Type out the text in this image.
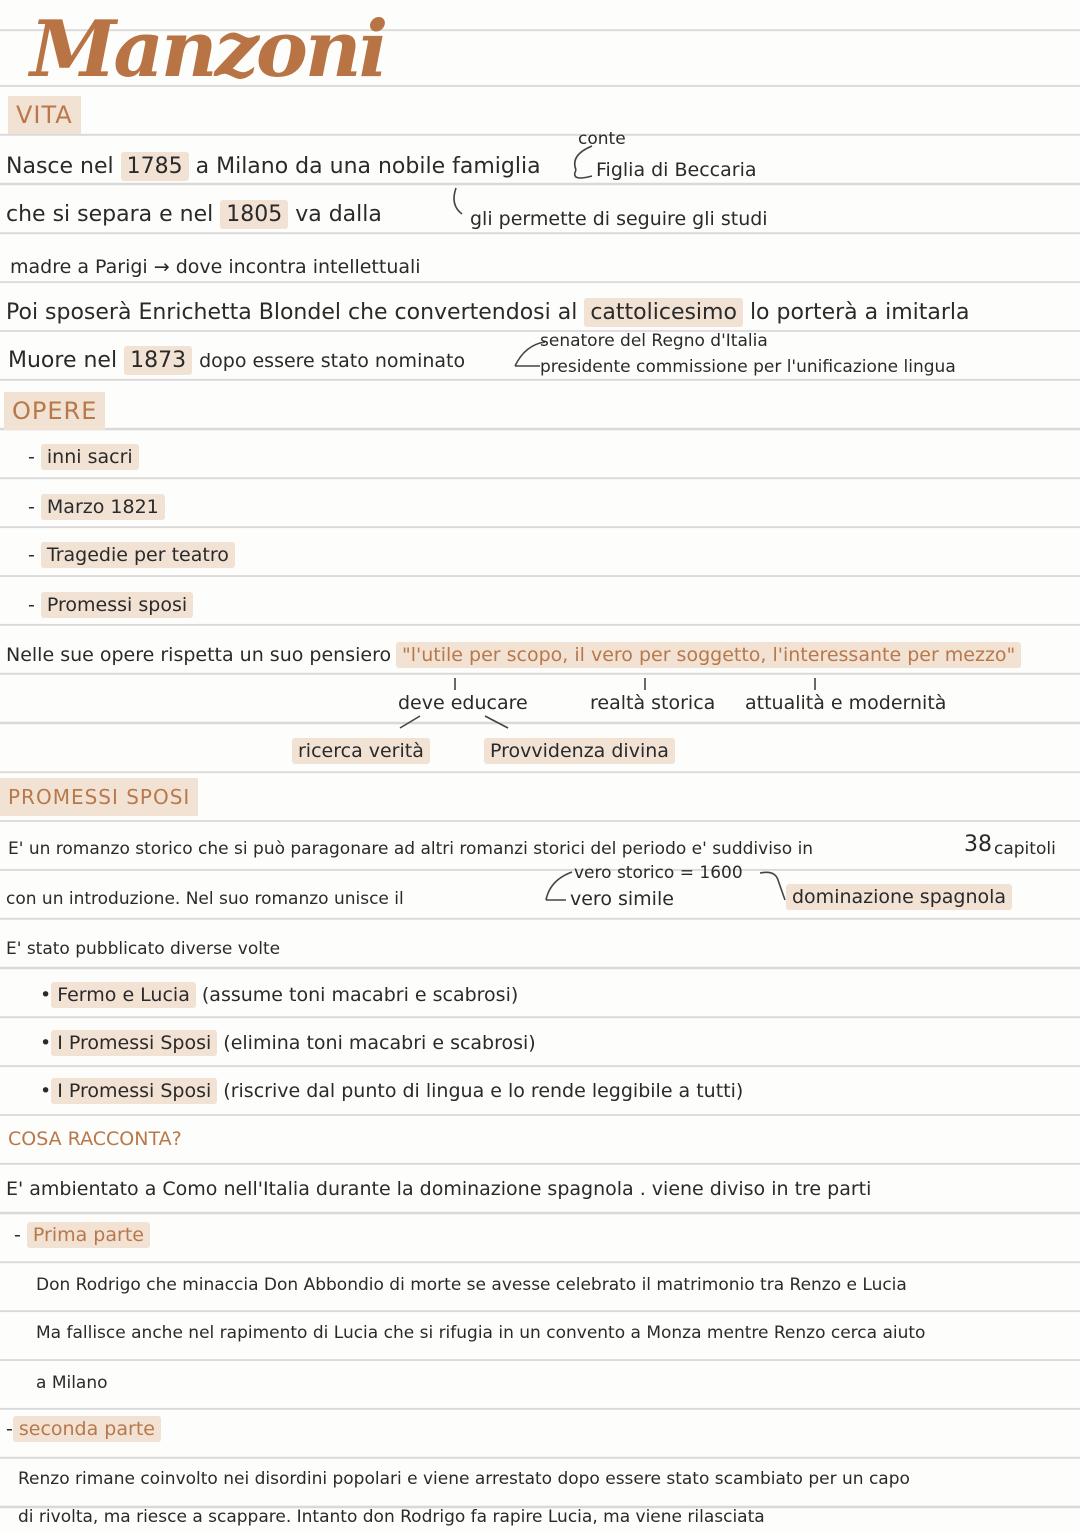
Manzoni
VITA
conte
Nasce nel 1785 a Milano da una nobile famiglia	Figlia di Beccaria
che si separa e nel 1805 va dalla	gli permette di seguire gli studi
madre a Parigi → dove incontra intellettuali
Poi sposerà Enrichetta Blondel che convertendosi al cattolicesimo lo porterà a imitarla
senatore del Regno d'Italia
Muore nel 1873 dopo essere stato nominato	presidente commissione per l'unificazione lingua
OPERE
- inni sacri
- Marzo 1821
- Tragedie per teatro
- Promessi sposi
Nelle sue opere rispetta un suo pensiero "l'utile per scopo, il vero per soggetto, l'interessante per mezzo"
deve educare	realtà storica attualità e modernità
ricerca verità	Provvidenza divina
PROMESSI SPOSI
E' un romanzo storico che si può paragonare ad altri romanzi storici del periodo e' suddiviso in	38 capitoli
vero storico = 1600
con un introduzione. Nel suo romanzo unisce il	vero simile	dominazione spagnola
E' stato pubblicato diverse volte
• Fermo e Lucia (assume toni macabri e scabrosi)
• I Promessi Sposi (elimina toni macabri e scabrosi)
• I Promessi Sposi (riscrive dal punto di lingua e lo rende leggibile a tutti)
COSA RACCONTA?
E' ambientato a Como nell'Italia durante la dominazione spagnola . viene diviso in tre parti
- Prima parte
Don Rodrigo che minaccia Don Abbondio di morte se avesse celebrato il matrimonio tra Renzo e Lucia
Ma fallisce anche nel rapimento di Lucia che si rifugia in un convento a Monza mentre Renzo cerca aiuto
a Milano
- seconda parte
Renzo rimane coinvolto nei disordini popolari e viene arrestato dopo essere stato scambiato per un capo
di rivolta, ma riesce a scappare. Intanto don Rodrigo fa rapire Lucia, ma viene rilasciata
